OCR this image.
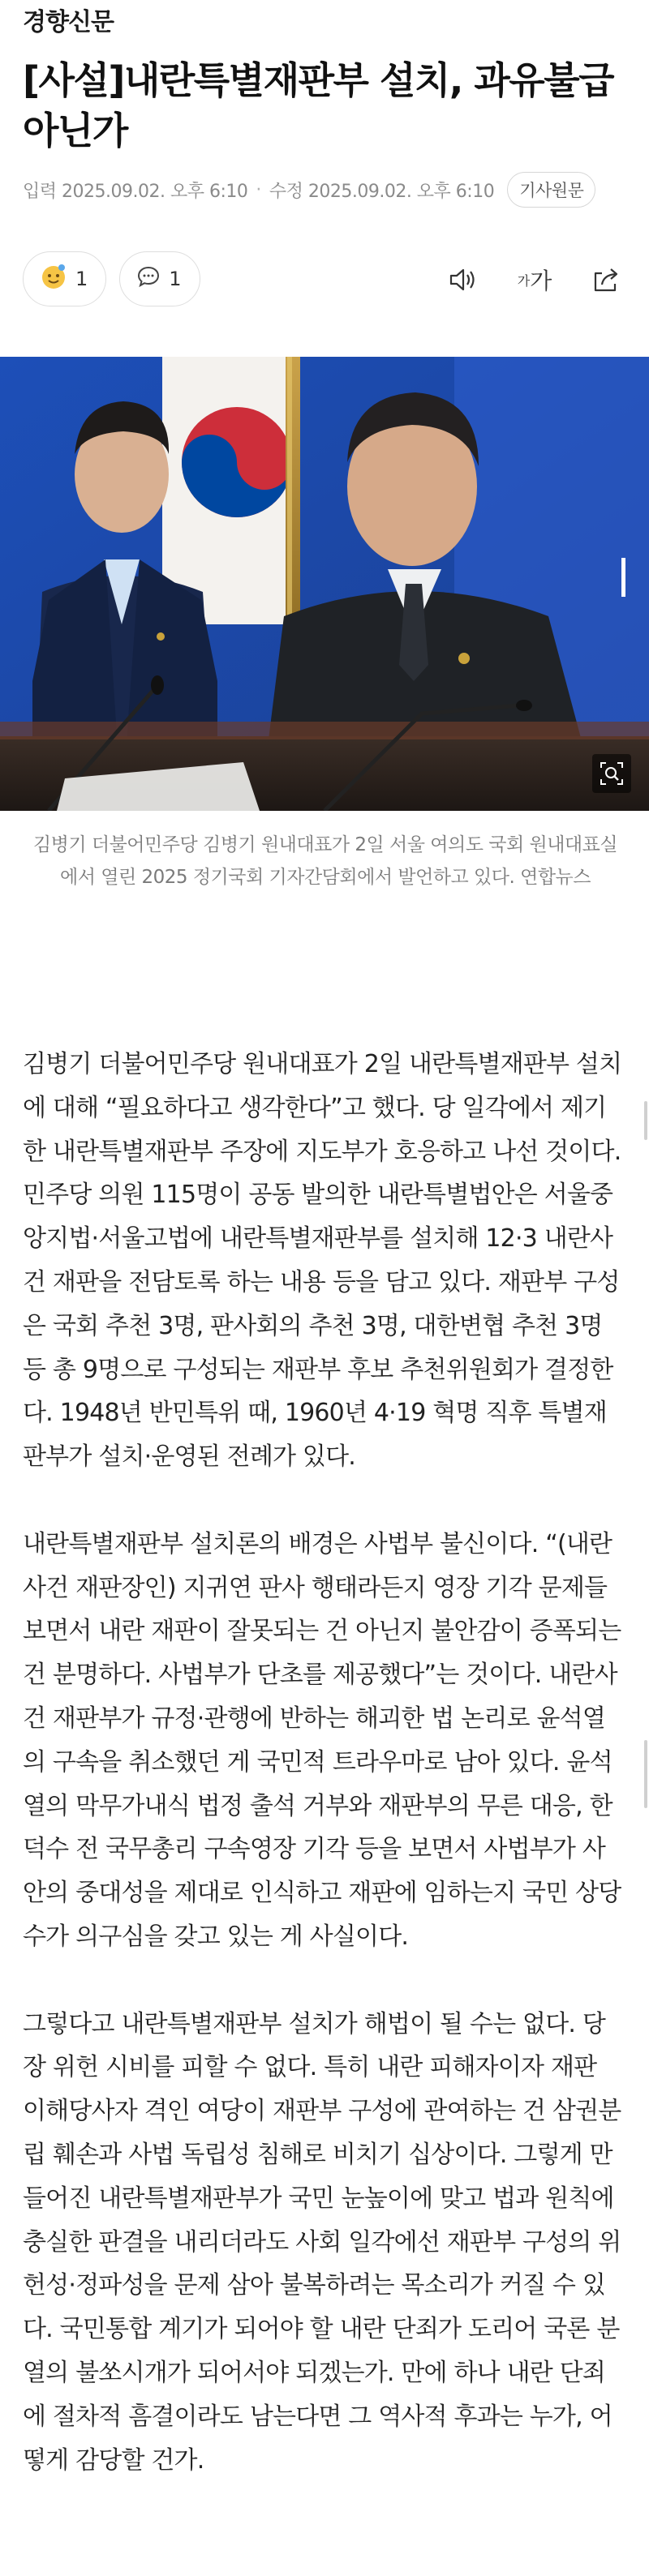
경향신문
[사설]내란특별재판부 설치, 과유불급 아닌가
입력 2025.09.02. 오후 6:10 · 수정 2025.09.02. 오후 6:10	기사원문
1	1	가 가
김병기 더불어민주당 김병기 원내대표가 2일 서울 여의도 국회 원내대표실에서 열린 2025 정기국회 기자간담회에서 발언하고 있다. 연합뉴스

김병기 더불어민주당 원내대표가 2일 내란특별재판부 설치에 대해 “필요하다고 생각한다”고 했다. 당 일각에서 제기한 내란특별재판부 주장에 지도부가 호응하고 나선 것이다. 민주당 의원 115명이 공동 발의한 내란특별법안은 서울중앙지법·서울고법에 내란특별재판부를 설치해 12·3 내란사건 재판을 전담토록 하는 내용 등을 담고 있다. 재판부 구성은 국회 추천 3명, 판사회의 추천 3명, 대한변협 추천 3명 등 총 9명으로 구성되는 재판부 후보 추천위원회가 결정한다. 1948년 반민특위 때, 1960년 4·19 혁명 직후 특별재판부가 설치·운영된 전례가 있다.

내란특별재판부 설치론의 배경은 사법부 불신이다. “(내란사건 재판장인) 지귀연 판사 행태라든지 영장 기각 문제들 보면서 내란 재판이 잘못되는 건 아닌지 불안감이 증폭되는 건 분명하다. 사법부가 단초를 제공했다”는 것이다. 내란사건 재판부가 규정·관행에 반하는 해괴한 법 논리로 윤석열의 구속을 취소했던 게 국민적 트라우마로 남아 있다. 윤석열의 막무가내식 법정 출석 거부와 재판부의 무른 대응, 한덕수 전 국무총리 구속영장 기각 등을 보면서 사법부가 사안의 중대성을 제대로 인식하고 재판에 임하는지 국민 상당수가 의구심을 갖고 있는 게 사실이다.

그렇다고 내란특별재판부 설치가 해법이 될 수는 없다. 당장 위헌 시비를 피할 수 없다. 특히 내란 피해자이자 재판 이해당사자 격인 여당이 재판부 구성에 관여하는 건 삼권분립 훼손과 사법 독립성 침해로 비치기 십상이다. 그렇게 만들어진 내란특별재판부가 국민 눈높이에 맞고 법과 원칙에 충실한 판결을 내리더라도 사회 일각에선 재판부 구성의 위헌성·정파성을 문제 삼아 불복하려는 목소리가 커질 수 있다. 국민통합 계기가 되어야 할 내란 단죄가 도리어 국론 분열의 불쏘시개가 되어서야 되겠는가. 만에 하나 내란 단죄에 절차적 흠결이라도 남는다면 그 역사적 후과는 누가, 어떻게 감당할 건가.
